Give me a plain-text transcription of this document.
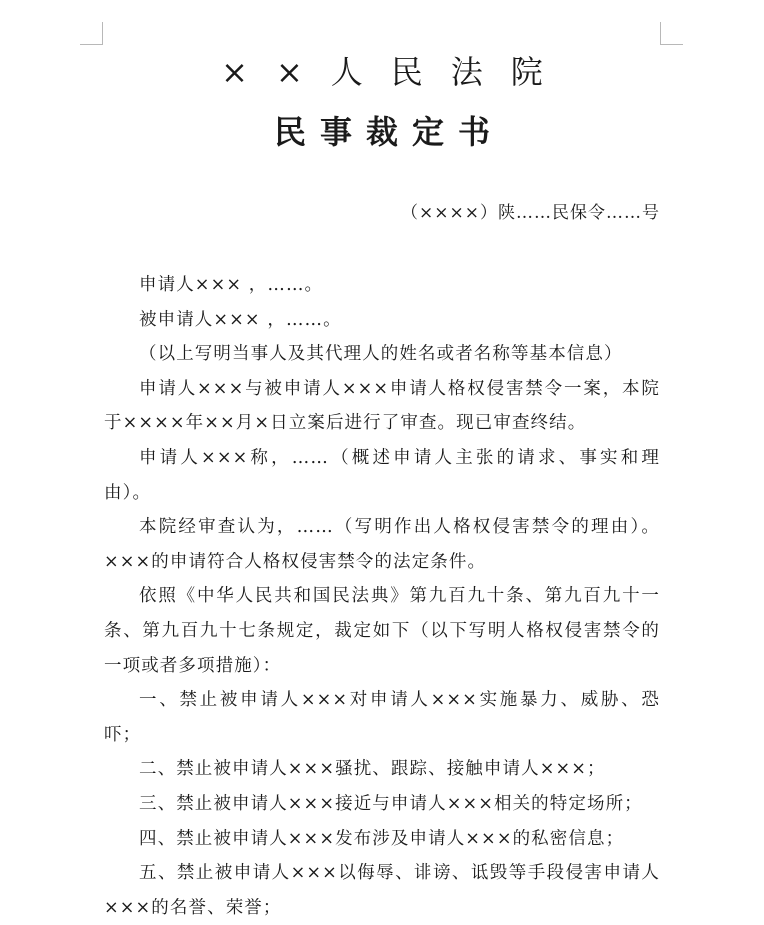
××人民法院
民事裁定书
（××××）陕……民保令……号

申请人××× ，……。

被申请人××× ，……。

（以上写明当事人及其代理人的姓名或者名称等基本信息）

申请人×××与被申请人×××申请人格权侵害禁令一案，本院于××××年××月×日立案后进行了审查。现已审查终结。

申请人×××称，……（概述申请人主张的请求、事实和理由）。

本院经审查认为，……（写明作出人格权侵害禁令的理由）。×××的申请符合人格权侵害禁令的法定条件。

依照《中华人民共和国民法典》第九百九十条、第九百九十一条、第九百九十七条规定，裁定如下（以下写明人格权侵害禁令的一项或者多项措施）：

一、禁止被申请人×××对申请人×××实施暴力、威胁、恐吓；

二、禁止被申请人×××骚扰、跟踪、接触申请人×××；

三、禁止被申请人×××接近与申请人×××相关的特定场所；

四、禁止被申请人×××发布涉及申请人×××的私密信息；

五、禁止被申请人×××以侮辱、诽谤、诋毁等手段侵害申请人×××的名誉、荣誉；
